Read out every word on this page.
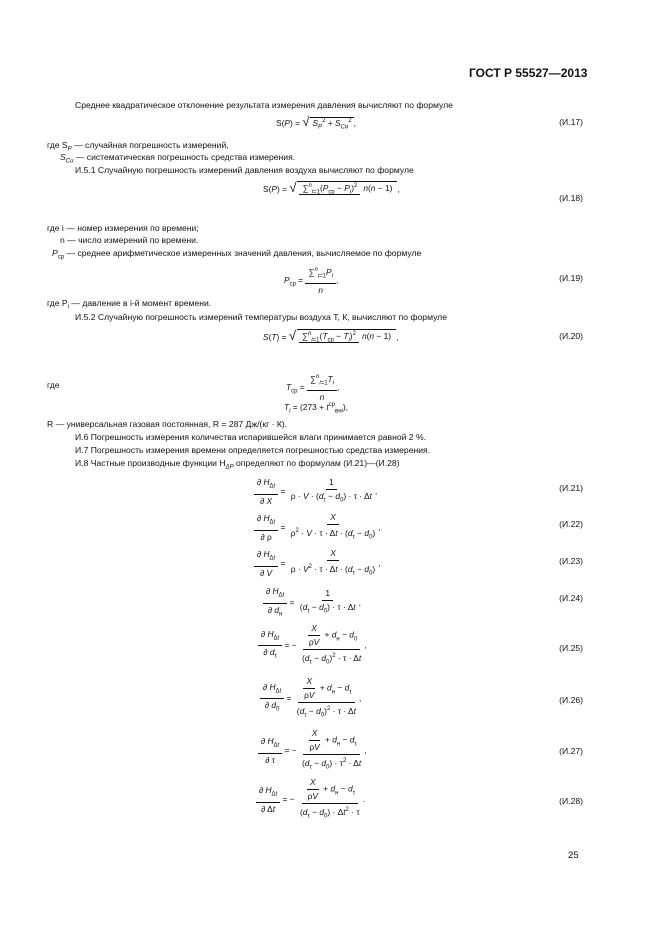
ГОСТ Р 55527—2013
Среднее квадратическое отклонение результата измерения давления вычисляют по формуле
S(P) = √ $S_P^2 + S_{Cи}^2$ ,	(И.17)
где $S_P$ — случайная погрешность измерений,
$S_{Cи}$ — систематическая погрешность средства измерения.
И.5.1 Случайную погрешность измерений давления воздуха вычисляют по формуле
S(P) = √ $\sum^n_{i=1}(P_{ср} - P_i)^2$ n(n − 1) ,
(И.18)
где i — номер измерения по времени;
n — число измерений по времени.
$P_{ср}$ — среднее арифметическое измеренных значений давления, вычисляемое по формуле
$P_{ср} = \frac{\sum^n_{i=1}P_i}{n}$ ,	(И.19)
где $P_i$ — давление в i-й момент времени.
И.5.2 Случайную погрешность измерений температуры воздуха T, К, вычисляют по формуле
S(T) = √ $\sum^n_{i=1}(T_{ср} - T_i)^2$ n(n − 1) ,	(И.20)
где	$T_{ср} = \frac{\sum^n_{i=1}T_i}{n}$ ,
$T_i = (273 + t^{ср}_{внi})$,
R — универсальная газовая постоянная, R = 287 Дж/(кг · К).
И.6 Погрешность измерения количества испарившейся влаги принимается равной 2 %.
И.7 Погрешность измерения времени определяется погрешностью средства измерения.
И.8 Частные производные функции $H_{\Delta P}$ определяют по формулам (И.21)—(И.28)
$\frac{\partial H_{\Delta t}}{\partial X} = \frac{1}{\rho \cdot V \cdot (d_\tau - d_0) \cdot \tau \cdot \Delta t}$ ,	(И.21)
$\frac{\partial H_{\Delta t}}{\partial \rho} = \frac{X}{\rho^2 \cdot V \cdot \tau \cdot \Delta t \cdot (d_\tau - d_0)}$ ,	(И.22)
$\frac{\partial H_{\Delta t}}{\partial V} = \frac{X}{\rho \cdot V^2 \cdot \tau \cdot \Delta t \cdot (d_\tau - d_0)}$ ,	(И.23)
$\frac{\partial H_{\Delta t}}{\partial d_н} = \frac{1}{(d_\tau - d_0) \cdot \tau \cdot \Delta t}$ ,	(И.24)
$\frac{\partial H_{\Delta t}}{\partial d_\tau}$ = − $\frac{\frac{X}{\rho V} + d_н - d_0}{(d_\tau - d_0)^2 \cdot \tau \cdot \Delta t}$ ,	(И.25)
$\frac{\partial H_{\Delta t}}{\partial d_0} = \frac{\frac{X}{\rho V} + d_н - d_\tau}{(d_\tau - d_0)^2 \cdot \tau \cdot \Delta t}$ ,	(И.26)
$\frac{\partial H_{\Delta t}}{\partial \tau}$ = − $\frac{\frac{X}{\rho V} + d_н - d_\tau}{(d_\tau - d_0) \cdot \tau^2 \cdot \Delta t}$ ,	(И.27)
$\frac{\partial H_{\Delta t}}{\partial \Delta t}$ = − $\frac{\frac{X}{\rho V} + d_н - d_\tau}{(d_\tau - d_0) \cdot \Delta t^2 \cdot \tau}$ .	(И.28)
25
